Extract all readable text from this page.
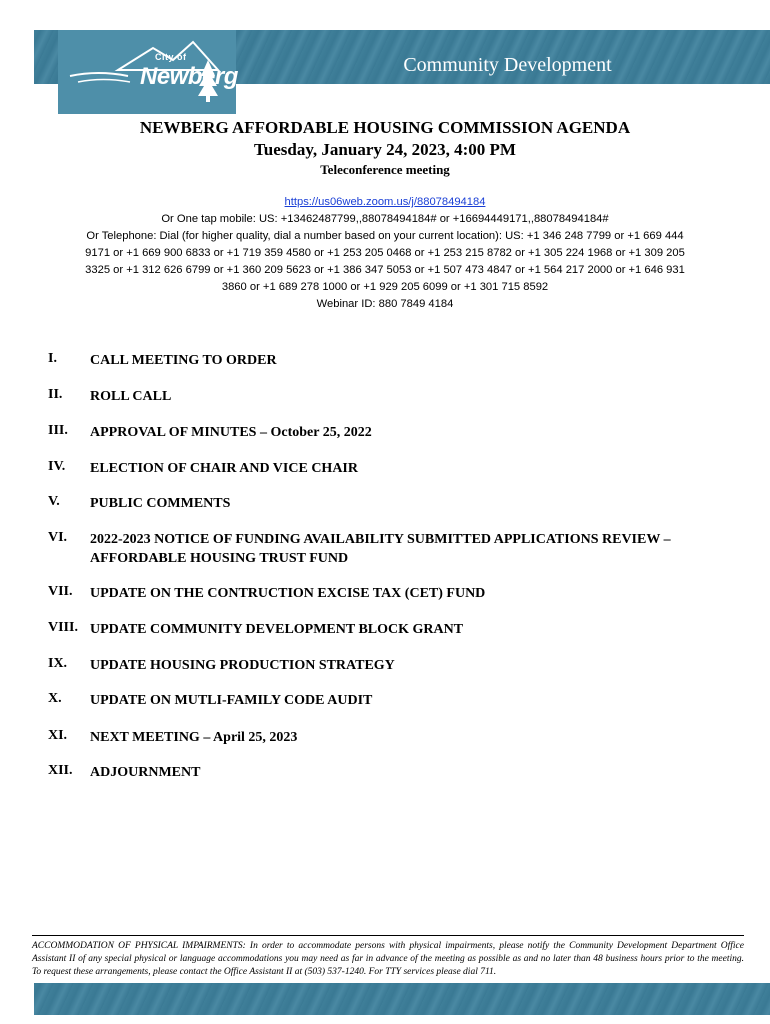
Community Development
City of
Newberg
NEWBERG AFFORDABLE HOUSING COMMISSION AGENDA
Tuesday, January 24, 2023, 4:00 PM
Teleconference meeting
https://us06web.zoom.us/j/88078494184
Or One tap mobile: US: +13462487799,,88078494184# or +16694449171,,88078494184#
Or Telephone: Dial (for higher quality, dial a number based on your current location): US: +1 346 248 7799 or +1 669 444
9171 or +1 669 900 6833 or +1 719 359 4580 or +1 253 205 0468 or +1 253 215 8782 or +1 305 224 1968 or +1 309 205
3325 or +1 312 626 6799 or +1 360 209 5623 or +1 386 347 5053 or +1 507 473 4847 or +1 564 217 2000 or +1 646 931
3860 or +1 689 278 1000 or +1 929 205 6099 or +1 301 715 8592
Webinar ID: 880 7849 4184
I. CALL MEETING TO ORDER
II. ROLL CALL
III. APPROVAL OF MINUTES – October 25, 2022
IV. ELECTION OF CHAIR AND VICE CHAIR
V. PUBLIC COMMENTS
VI. 2022-2023 NOTICE OF FUNDING AVAILABILITY SUBMITTED APPLICATIONS REVIEW – AFFORDABLE HOUSING TRUST FUND
VII. UPDATE ON THE CONTRUCTION EXCISE TAX (CET) FUND
VIII. UPDATE COMMUNITY DEVELOPMENT BLOCK GRANT
IX. UPDATE HOUSING PRODUCTION STRATEGY
X. UPDATE ON MUTLI-FAMILY CODE AUDIT
XI. NEXT MEETING – April 25, 2023
XII. ADJOURNMENT
ACCOMMODATION OF PHYSICAL IMPAIRMENTS: In order to accommodate persons with physical impairments, please notify the Community Development Department Office Assistant II of any special physical or language accommodations you may need as far in advance of the meeting as possible as and no later than 48 business hours prior to the meeting. To request these arrangements, please contact the Office Assistant II at (503) 537-1240. For TTY services please dial 711.
